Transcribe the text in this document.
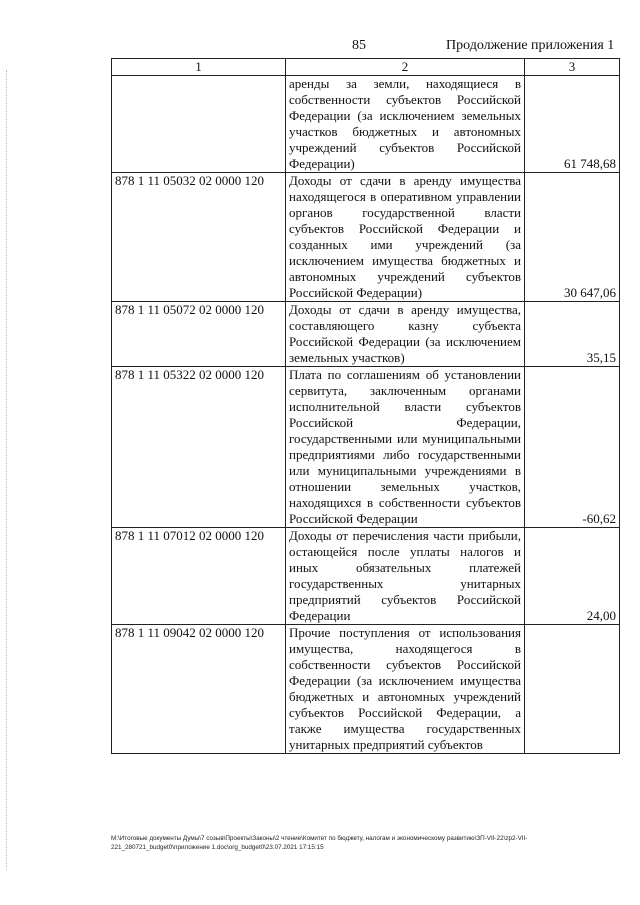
85	Продолжение приложения 1
1	2	3
	аренды за земли, находящиеся в собственности субъектов Российской Федерации (за исключением земельных участков бюджетных и автономных учреждений субъектов Российской Федерации)	61 748,68
878 1 11 05032 02 0000 120	Доходы от сдачи в аренду имущества находящегося в оперативном управлении органов государственной власти субъектов Российской Федерации и созданных ими учреждений (за исключением имущества бюджетных и автономных учреждений субъектов Российской Федерации)	30 647,06
878 1 11 05072 02 0000 120	Доходы от сдачи в аренду имущества, составляющего казну субъекта Российской Федерации (за исключением земельных участков)	35,15
878 1 11 05322 02 0000 120	Плата по соглашениям об установлении сервитута, заключенным органами исполнительной власти субъектов Российской Федерации, государственными или муниципальными предприятиями либо государственными или муниципальными учреждениями в отношении земельных участков, находящихся в собственности субъектов Российской Федерации	-60,62
878 1 11 07012 02 0000 120	Доходы от перечисления части прибыли, остающейся после уплаты налогов и иных обязательных платежей государственных унитарных предприятий субъектов Российской Федерации	24,00
878 1 11 09042 02 0000 120	Прочие поступления от использования имущества, находящегося в собственности субъектов Российской Федерации (за исключением имущества бюджетных и автономных учреждений субъектов Российской Федерации, а также имущества государственных унитарных предприятий субъектов	
M:\Итоговые документы Думы\7 созыв\Проекты\Законы\2 чтение\Комитет по бюджету, налогам и экономическому развитию\ЗП-VII-22\zp2-VII-221_280721_budget0\приложение 1.doc\org_budget0\23.07.2021 17:15:15
